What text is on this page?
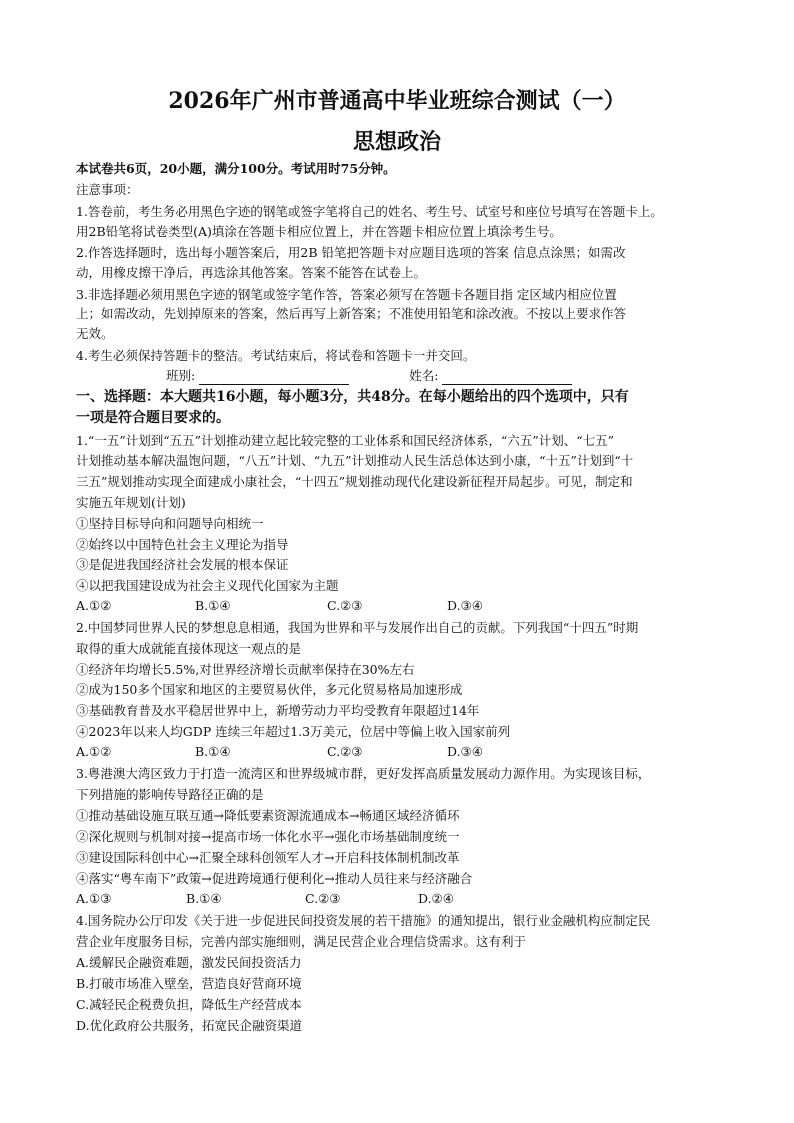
2026年广州市普通高中毕业班综合测试（一）
思想政治
本试卷共6页，20小题，满分100分。考试用时75分钟。
注意事项：
1.答卷前，考生务必用黑色字迹的钢笔或签字笔将自己的姓名、考生号、试室号和座位号填写在答题卡上。
用2B铅笔将试卷类型(A)填涂在答题卡相应位置上，并在答题卡相应位置上填涂考生号。
2.作答选择题时，选出每小题答案后，用2B 铅笔把答题卡对应题目选项的答案 信息点涂黑；如需改
动，用橡皮擦干净后，再选涂其他答案。答案不能答在试卷上。
3.非选择题必须用黑色字迹的钢笔或签字笔作答，答案必须写在答题卡各题目指 定区域内相应位置
上；如需改动，先划掉原来的答案，然后再写上新答案；不准使用铅笔和涂改液。不按以上要求作答
无效。
4.考生必须保持答题卡的整洁。考试结束后，将试卷和答题卡一并交回。
班别:	姓名:
一、选择题：本大题共16小题，每小题3分，共48分。在每小题给出的四个选项中，只有
一项是符合题目要求的。
1.“一五”计划到“五五”计划推动建立起比较完整的工业体系和国民经济体系，“六五”计划、“七五”
计划推动基本解决温饱问题，“八五”计划、“九五”计划推动人民生活总体达到小康，“十五”计划到“十
三五”规划推动实现全面建成小康社会，“十四五”规划推动现代化建设新征程开局起步。可见，制定和
实施五年规划(计划)
①坚持目标导向和问题导向相统一
②始终以中国特色社会主义理论为指导
③是促进我国经济社会发展的根本保证
④以把我国建设成为社会主义现代化国家为主题
A.①②	B.①④	C.②③	D.③④
2.中国梦同世界人民的梦想息息相通，我国为世界和平与发展作出自己的贡献。下列我国“十四五”时期
取得的重大成就能直接体现这一观点的是
①经济年均增长5.5%,对世界经济增长贡献率保持在30%左右
②成为150多个国家和地区的主要贸易伙伴，多元化贸易格局加速形成
③基础教育普及水平稳居世界中上，新增劳动力平均受教育年限超过14年
④2023年以来人均GDP 连续三年超过1.3万美元，位居中等偏上收入国家前列
A.①②	B.①④	C.②③	D.③④
3.粤港澳大湾区致力于打造一流湾区和世界级城市群，更好发挥高质量发展动力源作用。为实现该目标，
下列措施的影响传导路径正确的是
①推动基础设施互联互通→降低要素资源流通成本→畅通区域经济循环
②深化规则与机制对接→提高市场一体化水平→强化市场基础制度统一
③建设国际科创中心→汇聚全球科创领军人才→开启科技体制机制改革
④落实“粤车南下”政策→促进跨境通行便利化→推动人员往来与经济融合
A.①③	B.①④	C.②③	D.②④
4.国务院办公厅印发《关于进一步促进民间投资发展的若干措施》的通知提出，银行业金融机构应制定民
营企业年度服务目标，完善内部实施细则，满足民营企业合理信贷需求。这有利于
A.缓解民企融资难题，激发民间投资活力
B.打破市场准入壁垒，营造良好营商环境
C.减轻民企税费负担，降低生产经营成本
D.优化政府公共服务，拓宽民企融资渠道
